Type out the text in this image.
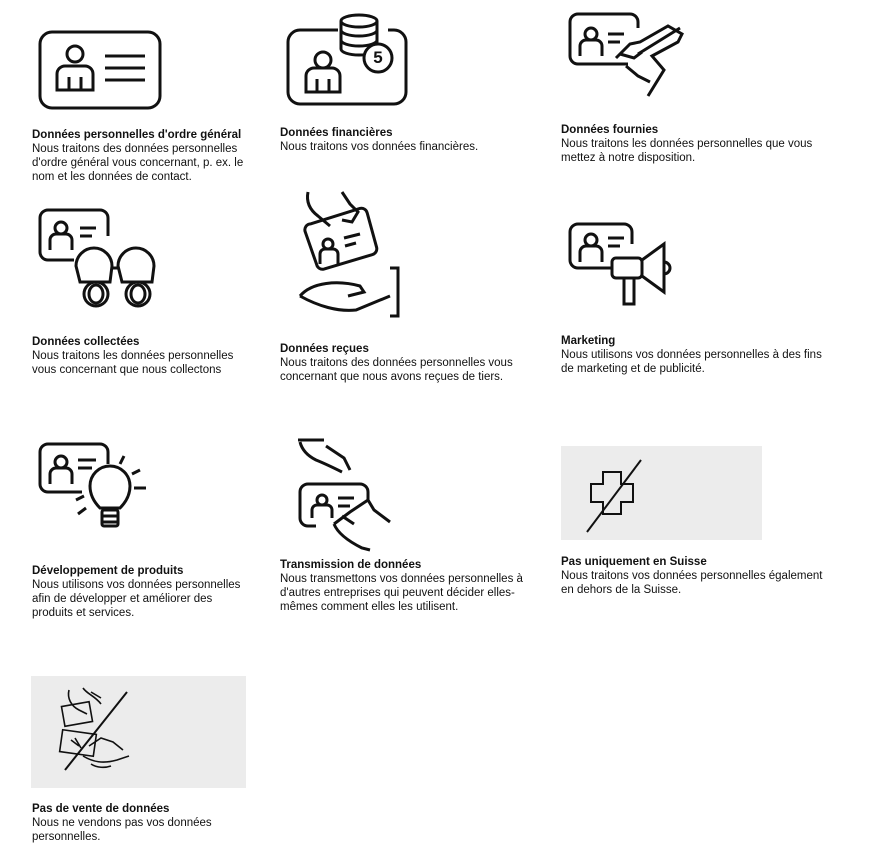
Données personnelles d'ordre général

Nous traitons des données personnelles d'ordre général vous concernant, p. ex. le nom et les données de contact.

5

Données financières

Nous traitons vos données financières.

Données fournies

Nous traitons les données personnelles que vous mettez à notre disposition.

Données collectées

Nous traitons les données personnelles vous concernant que nous collectons

Données reçues

Nous traitons des données personnelles vous concernant que nous avons reçues de tiers.

Marketing

Nous utilisons vos données personnelles à des fins de marketing et de publicité.

Développement de produits

Nous utilisons vos données personnelles afin de développer et améliorer des produits et services.

Transmission de données

Nous transmettons vos données personnelles à d'autres entreprises qui peuvent décider elles-mêmes comment elles les utilisent.

Pas uniquement en Suisse

Nous traitons vos données personnelles également en dehors de la Suisse.

Pas de vente de données

Nous ne vendons pas vos données personnelles.
